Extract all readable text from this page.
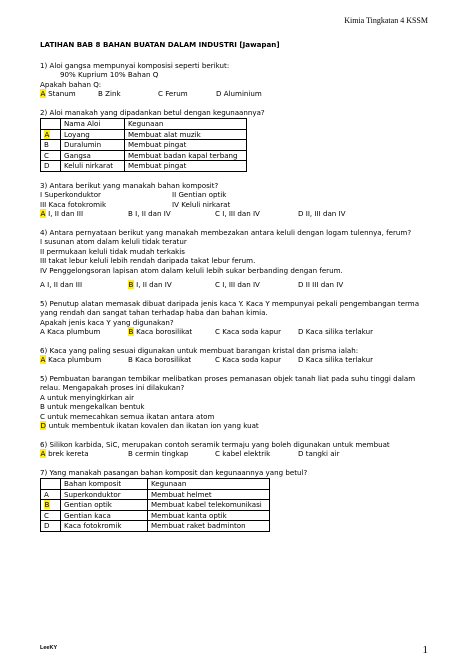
Kimia Tingkatan 4 KSSM
LATIHAN BAB 8 BAHAN BUATAN DALAM INDUSTRI [Jawapan]
1) Aloi gangsa mempunyai komposisi seperti berikut:
90% Kuprium 10% Bahan Q
Apakah bahan Q:
A Stanum	B Zink	C Ferum	D Aluminium
2) Aloi manakah yang dipadankan betul dengan kegunaannya?
	Nama Aloi	Kegunaan
A	Loyang	Membuat alat muzik
B	Duralumin	Membuat pingat
C	Gangsa	Membuat badan kapal terbang
D	Keluli nirkarat	Membuat pingat
3) Antara berikut yang manakah bahan komposit?
I Superkonduktor	II Gentian optik
III Kaca fotokromik	IV Keluli nirkarat
A I, II dan III	B I, II dan IV	C I, III dan IV	D II, III dan IV
4) Antara pernyataan berikut yang manakah membezakan antara keluli dengan logam tulennya, ferum?
I susunan atom dalam keluli tidak teratur
II permukaan keluli tidak mudah terkakis
III takat lebur keluli lebih rendah daripada takat lebur ferum.
IV Penggelongsoran lapisan atom dalam keluli lebih sukar berbanding dengan ferum.
A I, II dan III	B I, II dan IV	C I, III dan IV	D II III dan IV
5) Penutup alatan memasak dibuat daripada jenis kaca Y. Kaca Y mempunyai pekali pengembangan terma
yang rendah dan sangat tahan terhadap haba dan bahan kimia.
Apakah jenis kaca Y yang digunakan?
A Kaca plumbum	B Kaca borosilikat	C Kaca soda kapur D Kaca silika terlakur
6) Kaca yang paling sesuai digunakan untuk membuat barangan kristal dan prisma ialah:
A Kaca plumbum	B Kaca borosilikat	C Kaca soda kapur D Kaca silika terlakur
5) Pembuatan barangan tembikar melibatkan proses pemanasan objek tanah liat pada suhu tinggi dalam
relau. Mengapakah proses ini dilakukan?
A untuk menyingkirkan air
B untuk mengekalkan bentuk
C untuk memecahkan semua ikatan antara atom
D untuk membentuk ikatan kovalen dan ikatan ion yang kuat
6) Silikon karbida, SiC, merupakan contoh seramik termaju yang boleh digunakan untuk membuat
A brek kereta	B cermin tingkap	C kabel elektrik	D tangki air
7) Yang manakah pasangan bahan komposit dan kegunaannya yang betul?
	Bahan komposit	Kegunaan
A	Superkonduktor	Membuat helmet
B	Gentian optik	Membuat kabel telekomunikasi
C	Gentian kaca	Membuat kanta optik
D	Kaca fotokromik	Membuat raket badminton
LeeKY	1
